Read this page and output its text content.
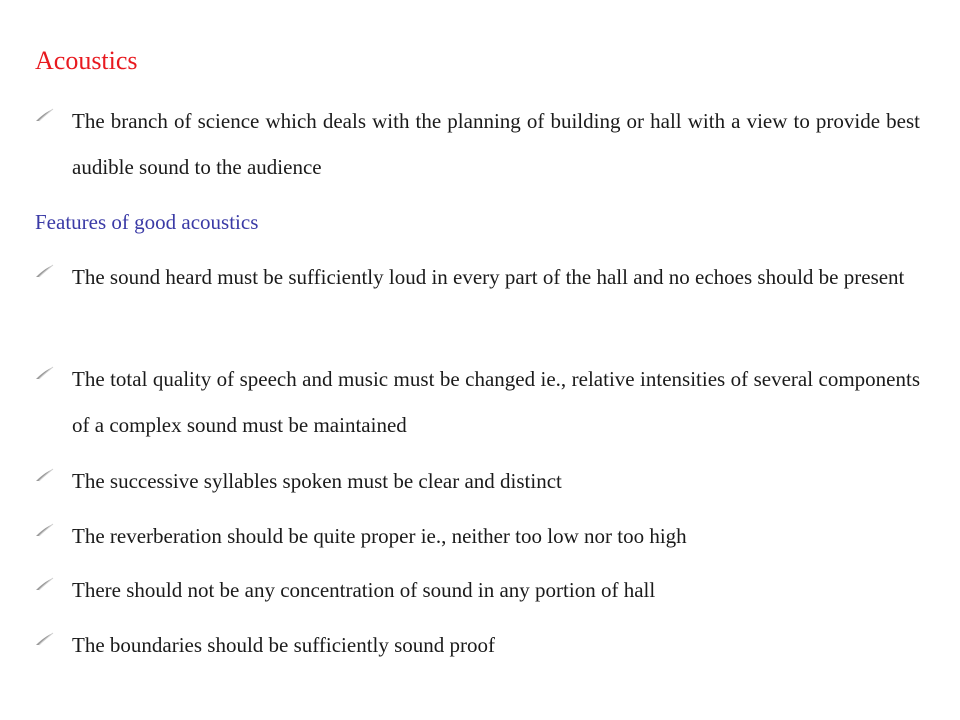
Acoustics
The branch of science which deals with the planning of building or hall with a view to provide best audible sound to the audience
Features of good acoustics
The sound heard must be sufficiently loud in every part of the hall and no echoes should be present
The total quality of speech and music must be changed ie., relative intensities of several components of a complex sound must be maintained
The successive syllables spoken must be clear and distinct
The reverberation should be quite proper ie., neither too low nor too high
There should not be any concentration of sound in any portion of hall
The boundaries should be sufficiently sound proof
